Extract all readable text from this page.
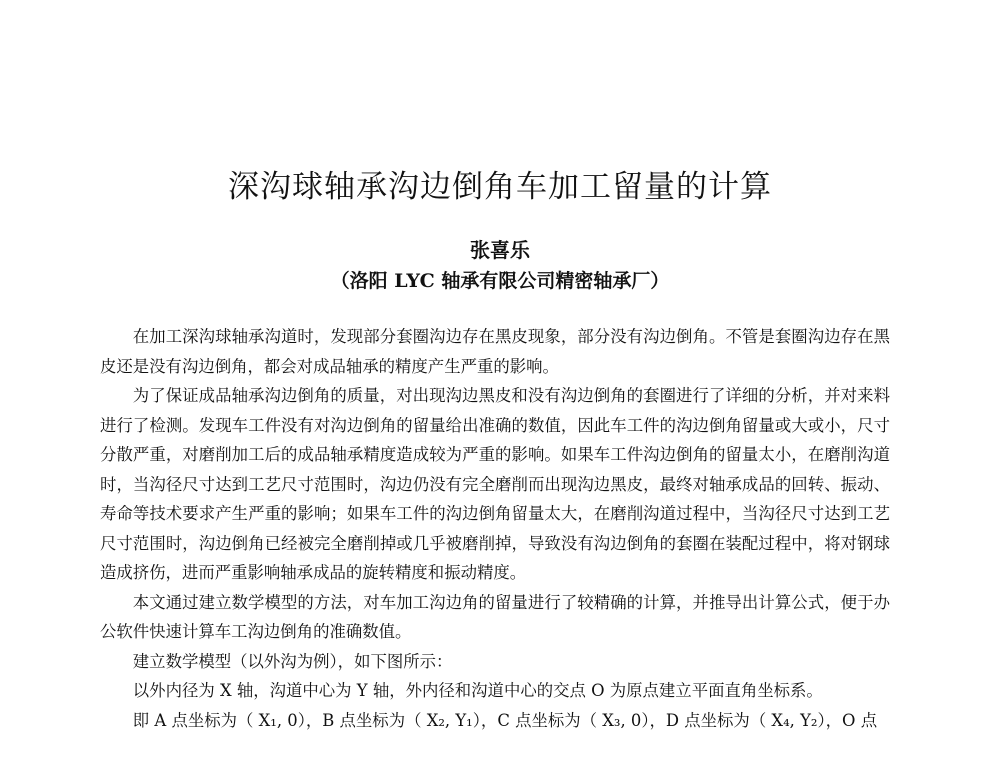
深沟球轴承沟边倒角车加工留量的计算
张喜乐
（洛阳 LYC 轴承有限公司精密轴承厂）

在加工深沟球轴承沟道时，发现部分套圈沟边存在黑皮现象，部分没有沟边倒角。不管是套圈沟边存在黑皮还是没有沟边倒角，都会对成品轴承的精度产生严重的影响。

为了保证成品轴承沟边倒角的质量，对出现沟边黑皮和没有沟边倒角的套圈进行了详细的分析，并对来料进行了检测。发现车工件没有对沟边倒角的留量给出准确的数值，因此车工件的沟边倒角留量或大或小，尺寸分散严重，对磨削加工后的成品轴承精度造成较为严重的影响。如果车工件沟边倒角的留量太小，在磨削沟道时，当沟径尺寸达到工艺尺寸范围时，沟边仍没有完全磨削而出现沟边黑皮，最终对轴承成品的回转、振动、寿命等技术要求产生严重的影响；如果车工件的沟边倒角留量太大，在磨削沟道过程中，当沟径尺寸达到工艺尺寸范围时，沟边倒角已经被完全磨削掉或几乎被磨削掉，导致没有沟边倒角的套圈在装配过程中，将对钢球造成挤伤，进而严重影响轴承成品的旋转精度和振动精度。

本文通过建立数学模型的方法，对车加工沟边角的留量进行了较精确的计算，并推导出计算公式，便于办公软件快速计算车工沟边倒角的准确数值。

建立数学模型（以外沟为例），如下图所示：

以外内径为 X 轴，沟道中心为 Y 轴，外内径和沟道中心的交点 O 为原点建立平面直角坐标系。

即 A 点坐标为（ X₁, 0），B 点坐标为（ X₂, Y₁），C 点坐标为（ X₃, 0），D 点坐标为（ X₄, Y₂），O 点
